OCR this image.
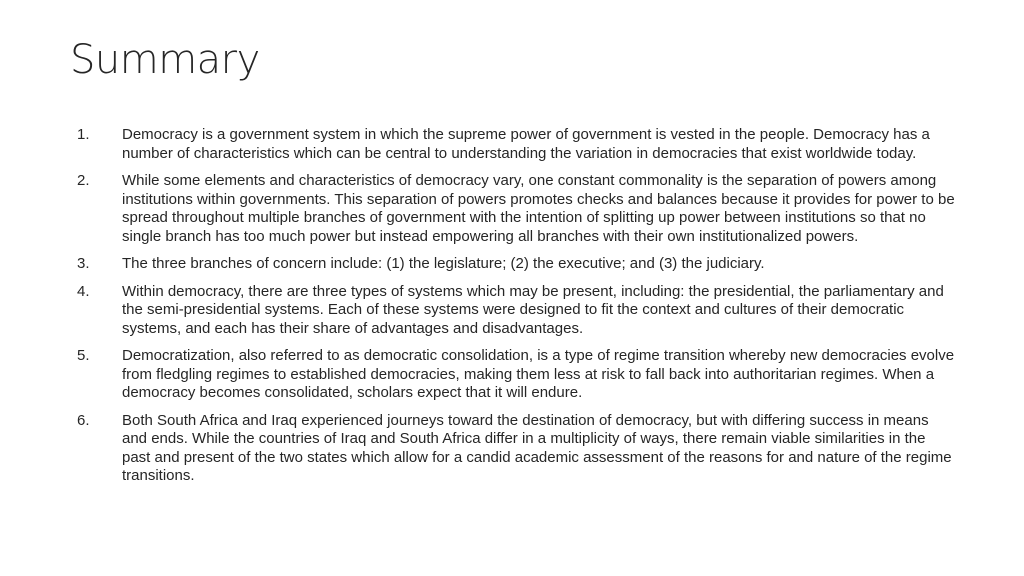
Summary
1.	Democracy is a government system in which the supreme power of government is vested in the people. Democracy has a number of characteristics which can be central to understanding the variation in democracies that exist worldwide today.
2.	While some elements and characteristics of democracy vary, one constant commonality is the separation of powers among institutions within governments. This separation of powers promotes checks and balances because it provides for power to be spread throughout multiple branches of government with the intention of splitting up power between institutions so that no single branch has too much power but instead empowering all branches with their own institutionalized powers.
3.	The three branches of concern include: (1) the legislature; (2) the executive; and (3) the judiciary.
4.	Within democracy, there are three types of systems which may be present, including: the presidential, the parliamentary and the semi-presidential systems. Each of these systems were designed to fit the context and cultures of their democratic systems, and each has their share of advantages and disadvantages.
5.	Democratization, also referred to as democratic consolidation, is a type of regime transition whereby new democracies evolve from fledgling regimes to established democracies, making them less at risk to fall back into authoritarian regimes. When a democracy becomes consolidated, scholars expect that it will endure.
6.	Both South Africa and Iraq experienced journeys toward the destination of democracy, but with differing success in means and ends. While the countries of Iraq and South Africa differ in a multiplicity of ways, there remain viable similarities in the past and present of the two states which allow for a candid academic assessment of the reasons for and nature of the regime transitions.
